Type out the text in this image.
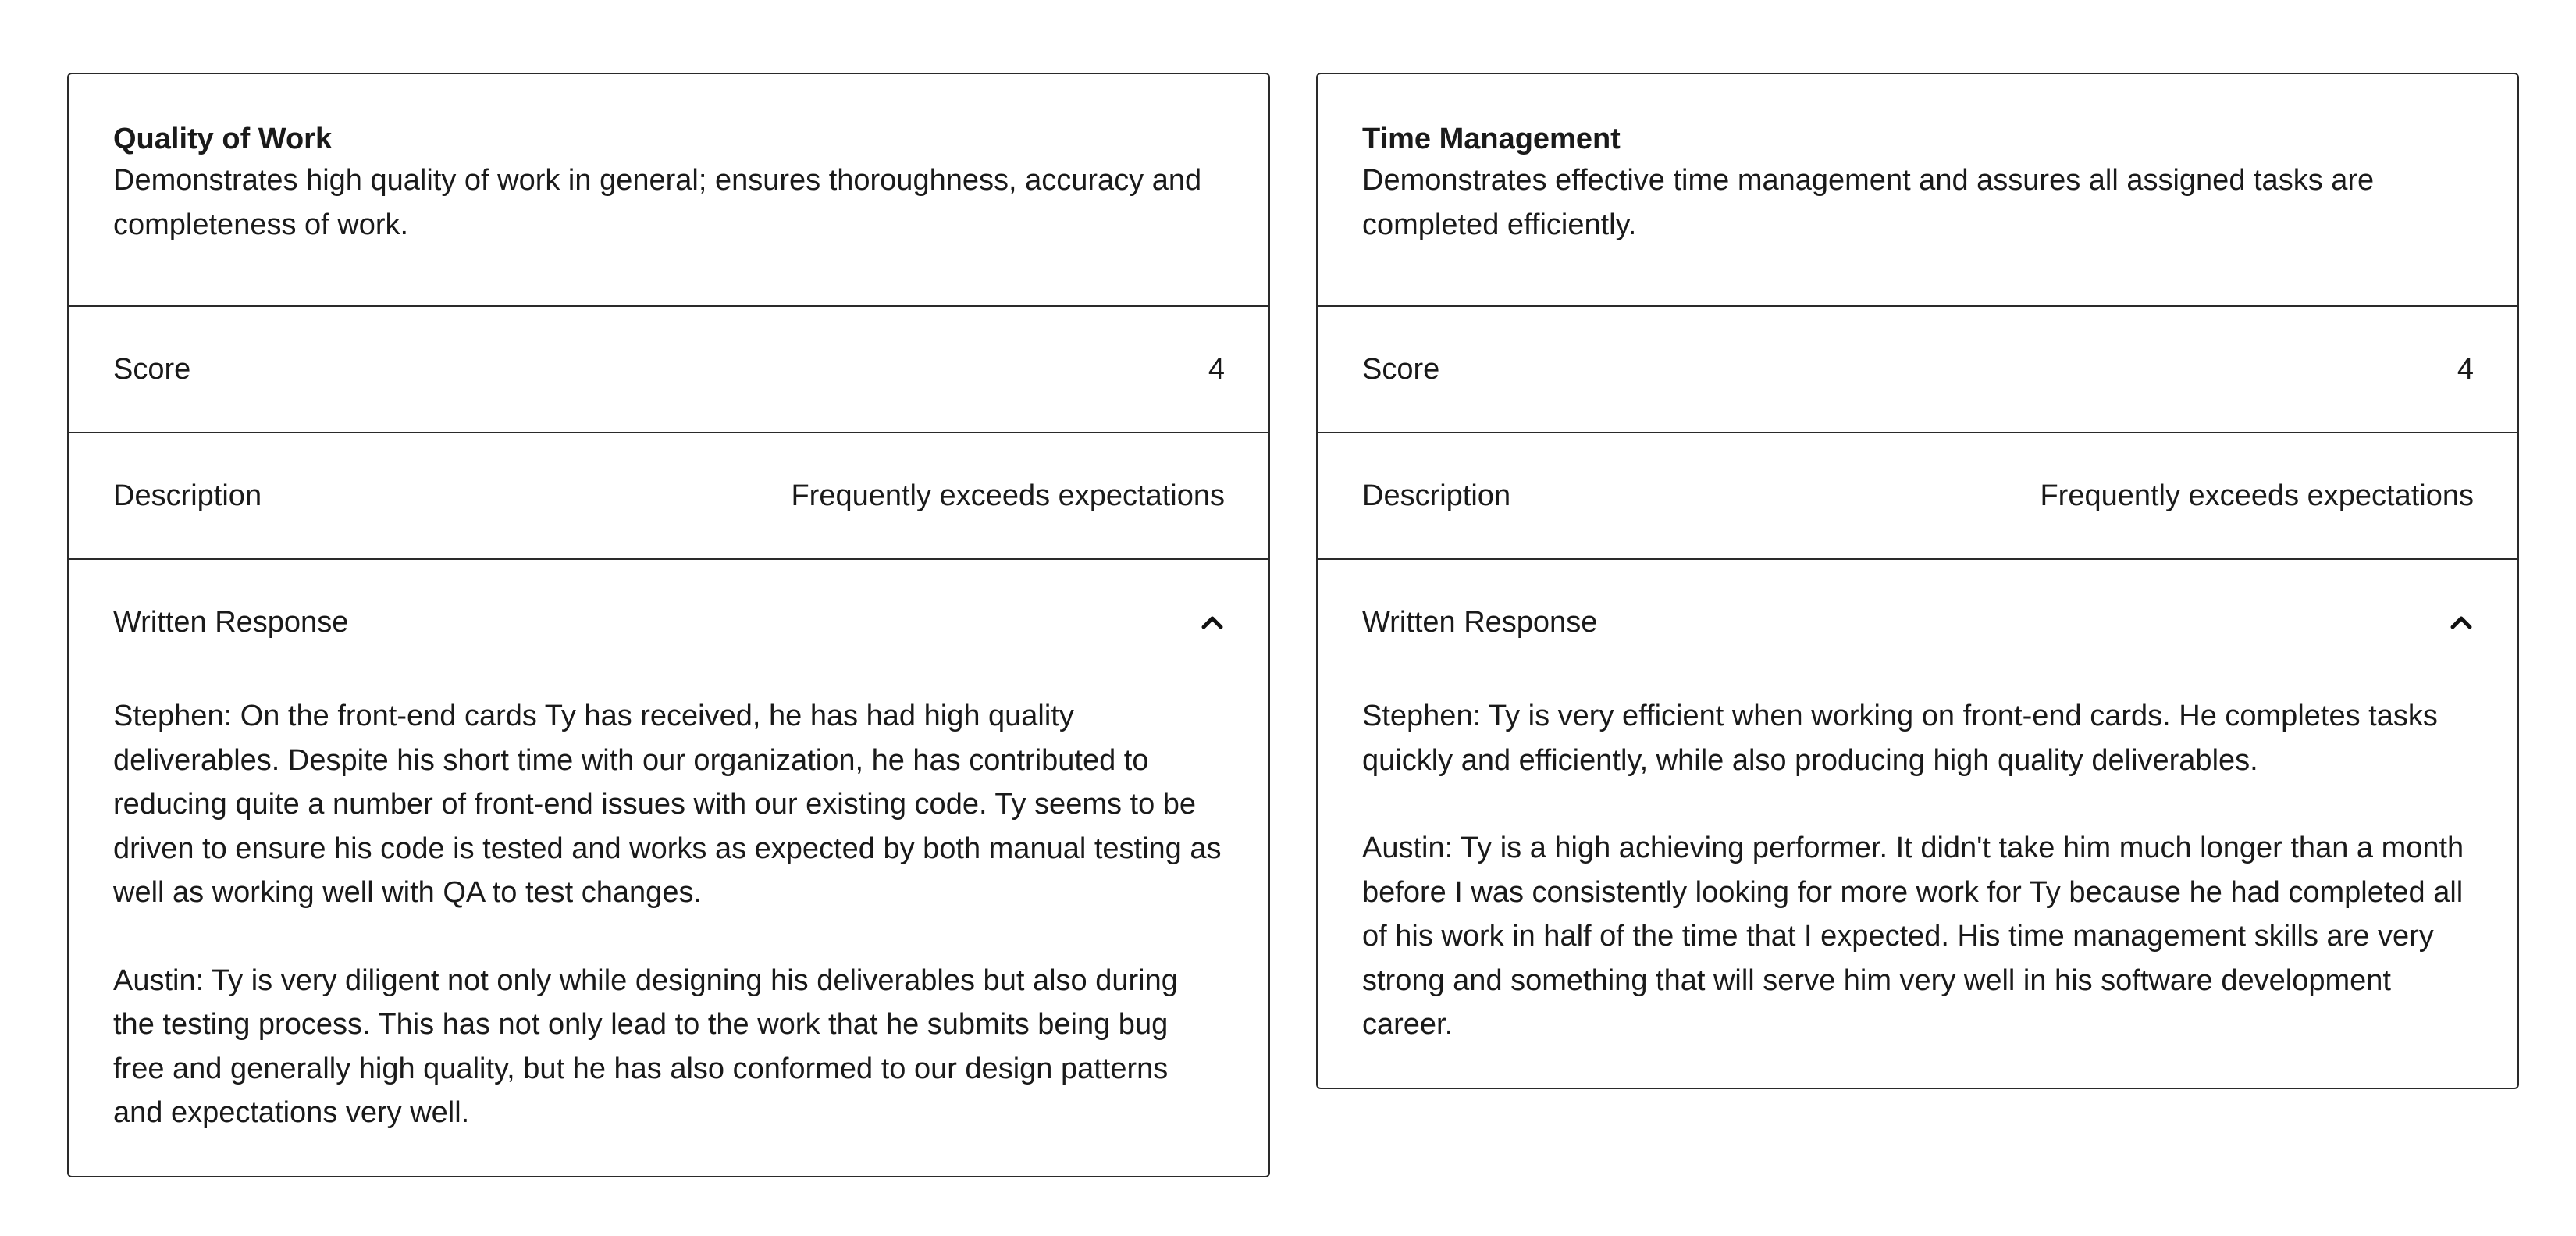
Quality of Work

Demonstrates high quality of work in general; ensures thoroughness, accuracy and completeness of work.

Score	4
Description	Frequently exceeds expectations
Written Response

Stephen: On the front-end cards Ty has received, he has had high quality deliverables. Despite his short time with our organization, he has contributed to reducing quite a number of front-end issues with our existing code. Ty seems to be driven to ensure his code is tested and works as expected by both manual testing as well as working well with QA to test changes.

Austin: Ty is very diligent not only while designing his deliverables but also during the testing process. This has not only lead to the work that he submits being bug free and generally high quality, but he has also conformed to our design patterns and expectations very well.

Time Management

Demonstrates effective time management and assures all assigned tasks are completed efficiently.

Score	4
Description	Frequently exceeds expectations
Written Response

Stephen: Ty is very efficient when working on front-end cards. He completes tasks quickly and efficiently, while also producing high quality deliverables.

Austin: Ty is a high achieving performer. It didn't take him much longer than a month before I was consistently looking for more work for Ty because he had completed all of his work in half of the time that I expected. His time management skills are very strong and something that will serve him very well in his software development career.
